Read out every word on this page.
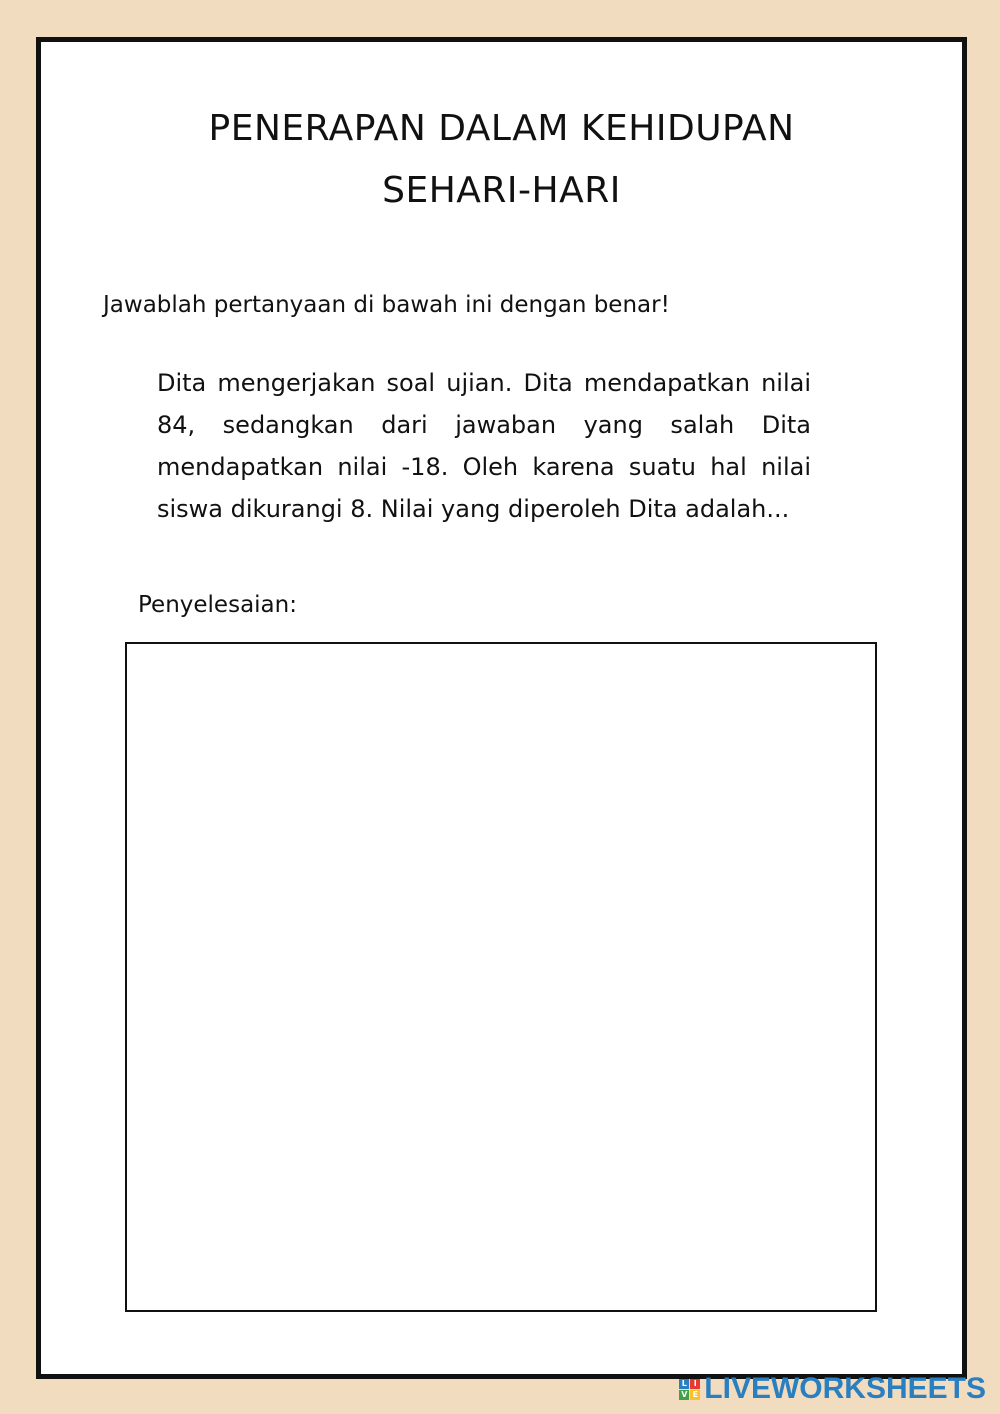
PENERAPAN DALAM KEHIDUPAN
SEHARI-HARI

Jawablah pertanyaan di bawah ini dengan benar!

Dita mengerjakan soal ujian. Dita mendapatkan nilai 84, sedangkan dari jawaban yang salah Dita mendapatkan nilai -18. Oleh karena suatu hal nilai siswa dikurangi 8. Nilai yang diperoleh Dita adalah...

Penyelesaian:

L I
V E LIVEWORKSHEETS
